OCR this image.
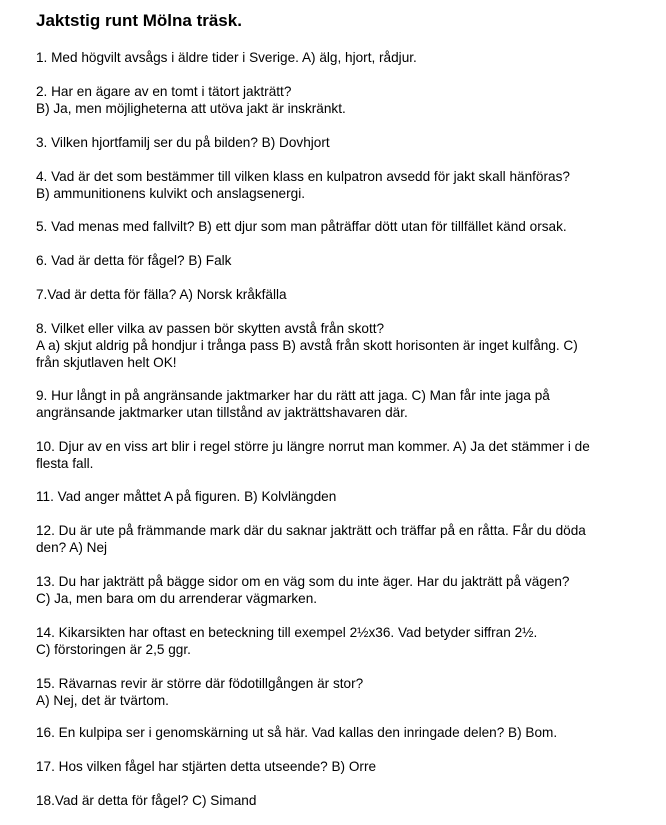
Jaktstig runt Mölna träsk.
1. Med högvilt avsågs i äldre tider i Sverige. A) älg, hjort, rådjur.
2. Har en ägare av en tomt i tätort jakträtt?
B) Ja, men möjligheterna att utöva jakt är inskränkt.
3. Vilken hjortfamilj ser du på bilden? B) Dovhjort
4. Vad är det som bestämmer till vilken klass en kulpatron avsedd för jakt skall hänföras?
B) ammunitionens kulvikt och anslagsenergi.
5. Vad menas med fallvilt? B) ett djur som man påträffar dött utan för tillfället känd orsak.
6. Vad är detta för fågel? B) Falk
7.Vad är detta för fälla? A) Norsk kråkfälla
8. Vilket eller vilka av passen bör skytten avstå från skott?
A a) skjut aldrig på hondjur i trånga pass B) avstå från skott horisonten är inget kulfång. C)
från skjutlaven helt OK!
9. Hur långt in på angränsande jaktmarker har du rätt att jaga. C) Man får inte jaga på
angränsande jaktmarker utan tillstånd av jakträttshavaren där.
10. Djur av en viss art blir i regel större ju längre norrut man kommer. A) Ja det stämmer i de
flesta fall.
11. Vad anger måttet A på figuren. B) Kolvlängden
12. Du är ute på främmande mark där du saknar jakträtt och träffar på en råtta. Får du döda
den? A) Nej
13. Du har jakträtt på bägge sidor om en väg som du inte äger. Har du jakträtt på vägen?
C) Ja, men bara om du arrenderar vägmarken.
14. Kikarsikten har oftast en beteckning till exempel 2½x36. Vad betyder siffran 2½.
C) förstoringen är 2,5 ggr.
15. Rävarnas revir är större där födotillgången är stor?
A) Nej, det är tvärtom.
16. En kulpipa ser i genomskärning ut så här. Vad kallas den inringade delen? B) Bom.
17. Hos vilken fågel har stjärten detta utseende? B) Orre
18.Vad är detta för fågel? C) Simand
